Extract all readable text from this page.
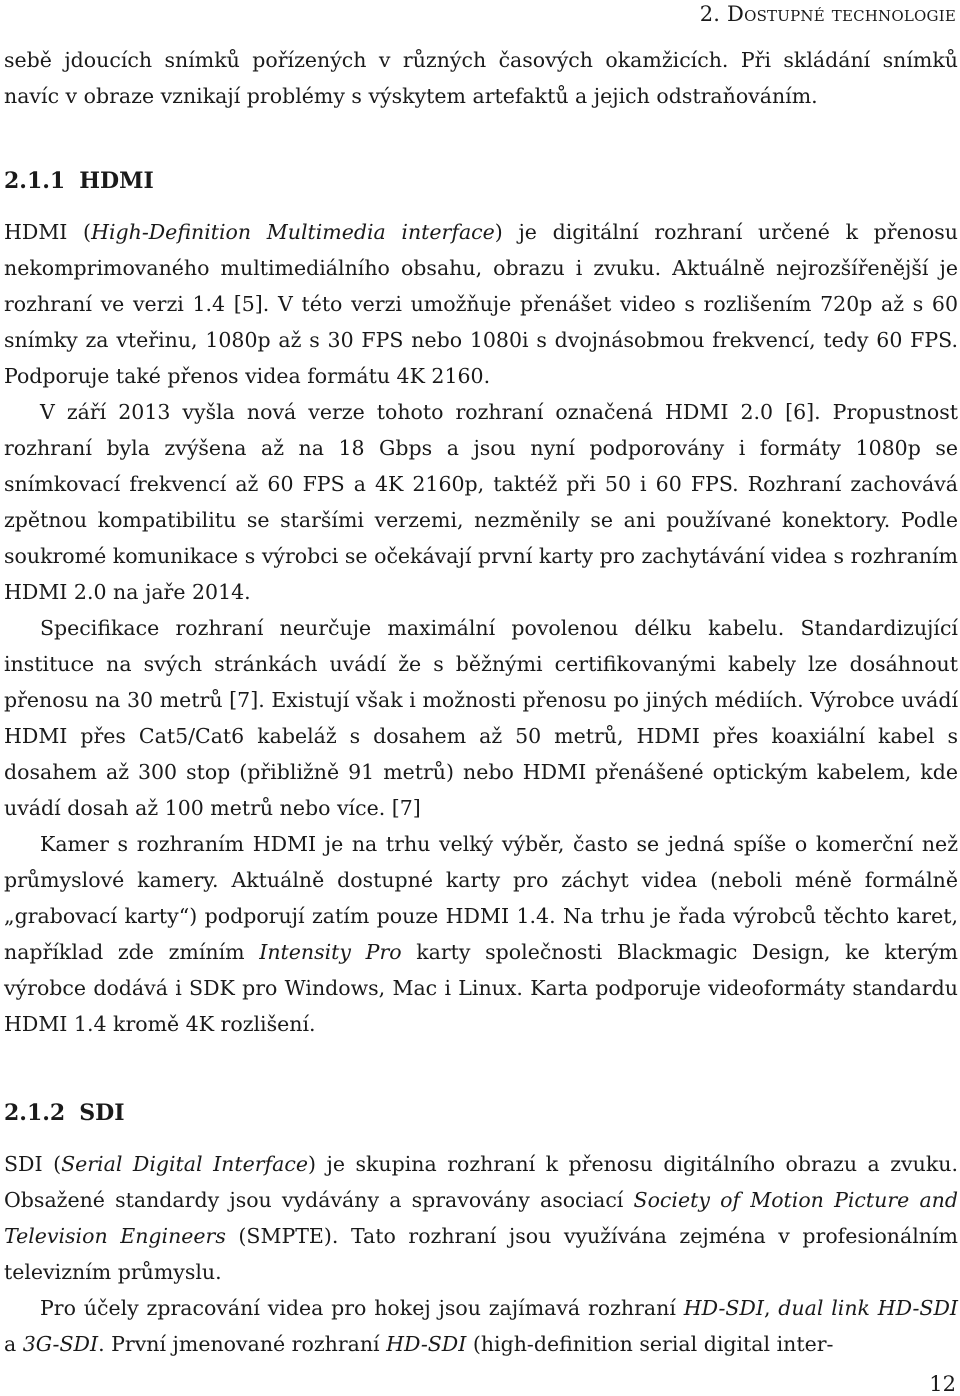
2. Dostupné technologie

sebě jdoucích snímků pořízených v různých časových okamžicích. Při skládání snímků navíc v obraze vznikají problémy s výskytem artefaktů a jejich odstraňováním.

2.1.1 HDMI

HDMI (High-Definition Multimedia interface) je digitální rozhraní určené k přenosu nekomprimovaného multimediálního obsahu, obrazu i zvuku. Aktuálně nejrozšířenější je rozhraní ve verzi 1.4 [5]. V této verzi umožňuje přenášet video s rozlišením 720p až s 60 snímky za vteřinu, 1080p až s 30 FPS nebo 1080i s dvojnásobmou frekvencí, tedy 60 FPS. Podporuje také přenos videa formátu 4K 2160.

V září 2013 vyšla nová verze tohoto rozhraní označená HDMI 2.0 [6]. Propustnost rozhraní byla zvýšena až na 18 Gbps a jsou nyní podporovány i formáty 1080p se snímkovací frekvencí až 60 FPS a 4K 2160p, taktéž při 50 i 60 FPS. Rozhraní zachovává zpětnou kompatibilitu se staršími verzemi, nezměnily se ani používané konektory. Podle soukromé komunikace s výrobci se očekávají první karty pro zachytávání videa s rozhraním HDMI 2.0 na jaře 2014.

Specifikace rozhraní neurčuje maximální povolenou délku kabelu. Standardizující instituce na svých stránkách uvádí že s běžnými certifikovanými kabely lze dosáhnout přenosu na 30 metrů [7]. Existují však i možnosti přenosu po jiných médiích. Výrobce uvádí HDMI přes Cat5/Cat6 kabeláž s dosahem až 50 metrů, HDMI přes koaxiální kabel s dosahem až 300 stop (přibližně 91 metrů) nebo HDMI přenášené optickým kabelem, kde uvádí dosah až 100 metrů nebo více. [7]

Kamer s rozhraním HDMI je na trhu velký výběr, často se jedná spíše o komerční než průmyslové kamery. Aktuálně dostupné karty pro záchyt videa (neboli méně formálně „grabovací karty“) podporují zatím pouze HDMI 1.4. Na trhu je řada výrobců těchto karet, například zde zmíním Intensity Pro karty společnosti Blackmagic Design, ke kterým výrobce dodává i SDK pro Windows, Mac i Linux. Karta podporuje videoformáty standardu HDMI 1.4 kromě 4K rozlišení.

2.1.2 SDI

SDI (Serial Digital Interface) je skupina rozhraní k přenosu digitálního obrazu a zvuku. Obsažené standardy jsou vydávány a spravovány asociací Society of Motion Picture and Television Engineers (SMPTE). Tato rozhraní jsou využívána zejména v profesionálním televizním průmyslu.

Pro účely zpracování videa pro hokej jsou zajímavá rozhraní HD-SDI, dual link HD-SDI a 3G-SDI. První jmenované rozhraní HD-SDI (high-definition serial digital inter-

12
